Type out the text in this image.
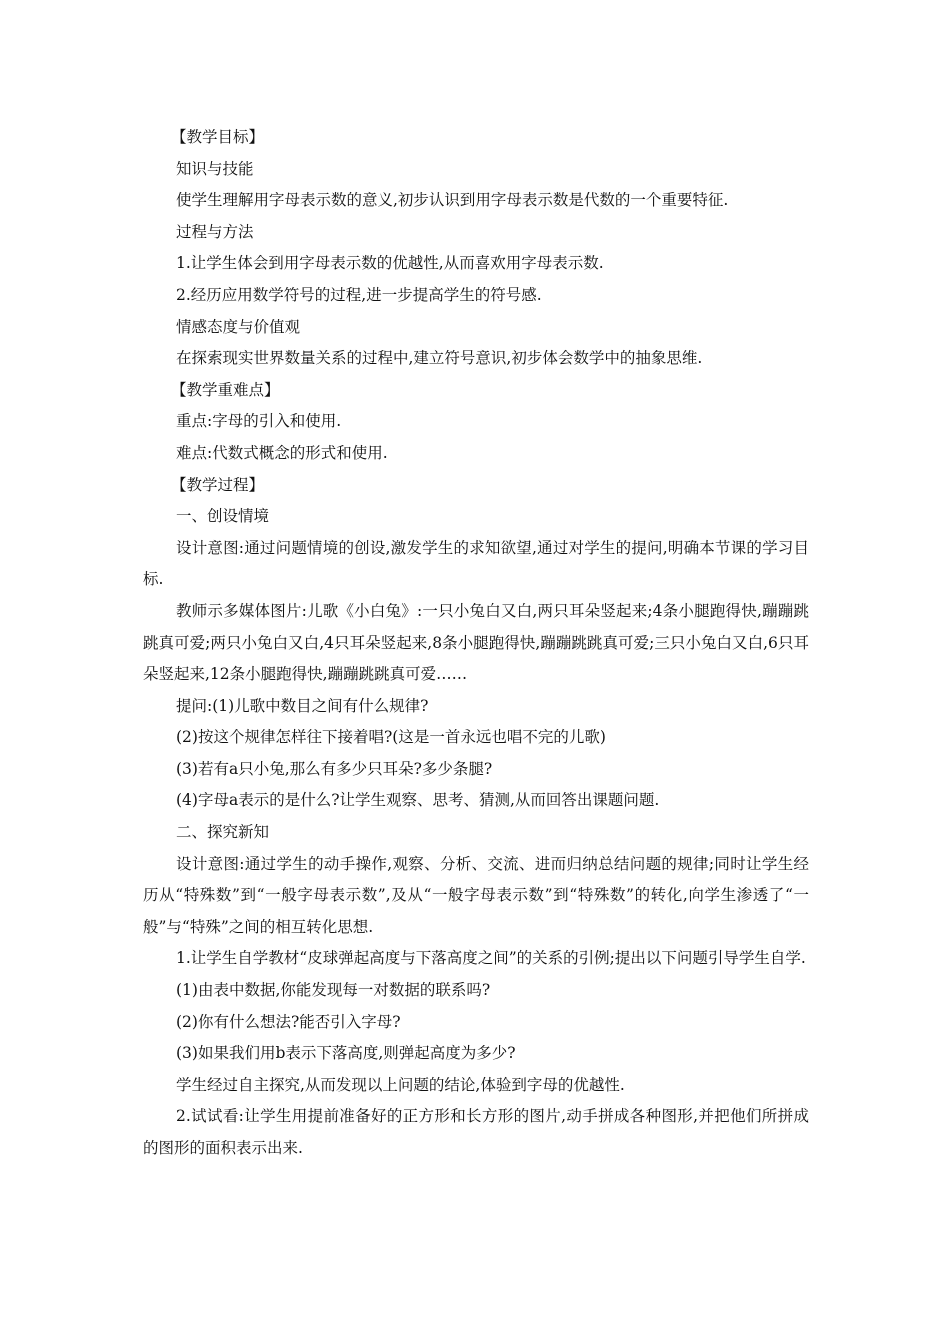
【教学目标】

知识与技能

使学生理解用字母表示数的意义,初步认识到用字母表示数是代数的一个重要特征.

过程与方法

1.让学生体会到用字母表示数的优越性,从而喜欢用字母表示数.

2.经历应用数学符号的过程,进一步提高学生的符号感.

情感态度与价值观

在探索现实世界数量关系的过程中,建立符号意识,初步体会数学中的抽象思维.

【教学重难点】

重点:字母的引入和使用.

难点:代数式概念的形式和使用.

【教学过程】

一、创设情境

设计意图:通过问题情境的创设,激发学生的求知欲望,通过对学生的提问,明确本节课的学习目标.

教师示多媒体图片:儿歌《小白兔》:一只小兔白又白,两只耳朵竖起来;4条小腿跑得快,蹦蹦跳跳真可爱;两只小兔白又白,4只耳朵竖起来,8条小腿跑得快,蹦蹦跳跳真可爱;三只小兔白又白,6只耳朵竖起来,12条小腿跑得快,蹦蹦跳跳真可爱……

提问:(1)儿歌中数目之间有什么规律?

(2)按这个规律怎样往下接着唱?(这是一首永远也唱不完的儿歌)

(3)若有a只小兔,那么有多少只耳朵?多少条腿?

(4)字母a表示的是什么?让学生观察、思考、猜测,从而回答出课题问题.

二、探究新知

设计意图:通过学生的动手操作,观察、分析、交流、进而归纳总结问题的规律;同时让学生经历从“特殊数”到“一般字母表示数”,及从“一般字母表示数”到“特殊数”的转化,向学生渗透了“一般”与“特殊”之间的相互转化思想.

1.让学生自学教材“皮球弹起高度与下落高度之间”的关系的引例;提出以下问题引导学生自学.

(1)由表中数据,你能发现每一对数据的联系吗?

(2)你有什么想法?能否引入字母?

(3)如果我们用b表示下落高度,则弹起高度为多少?

学生经过自主探究,从而发现以上问题的结论,体验到字母的优越性.

2.试试看:让学生用提前准备好的正方形和长方形的图片,动手拼成各种图形,并把他们所拼成的图形的面积表示出来.
